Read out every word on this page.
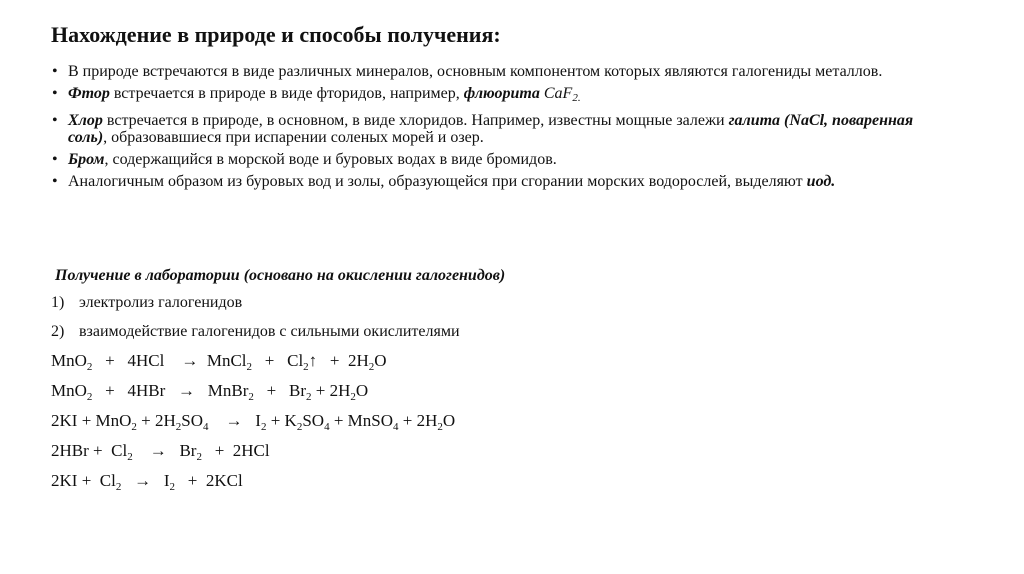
Нахождение в природе и способы получения:
• В природе встречаются в виде различных минералов, основным компонентом которых являются галогениды металлов.
• Фтор встречается в природе в виде фторидов, например, флюорита CaF$_{2.}$
• Хлор встречается в природе, в основном, в виде хлоридов. Например, известны мощные залежи галита (NaCl, поваренная соль), образовавшиеся при испарении соленых морей и озер.
• Бром, содержащийся в морской воде и буровых водах в виде бромидов.
• Аналогичным образом из буровых вод и золы, образующейся при сгорании морских водорослей, выделяют иод.
Получение в лаборатории (основано на окислении галогенидов)
1) электролиз галогенидов
2) взаимодействие галогенидов с сильными окислителями
MnO$_2$   +   4HCl    →  MnCl$_2$   +   $Cl_2↑ + 2H_2O$
MnO$_2$   +   4HBr   →   MnBr$_2$   +   $Br_2 + 2H_2O$
$2KI + MnO_2 + 2H_2SO_4$    →   $I_2 + K_2SO_4$ + MnSO$_4$ + $2H_2O$
$2HBr + Cl_2$    →   $Br_2 + 2HCl$
$2KI + Cl_2 \to I_2 + 2KCl$
